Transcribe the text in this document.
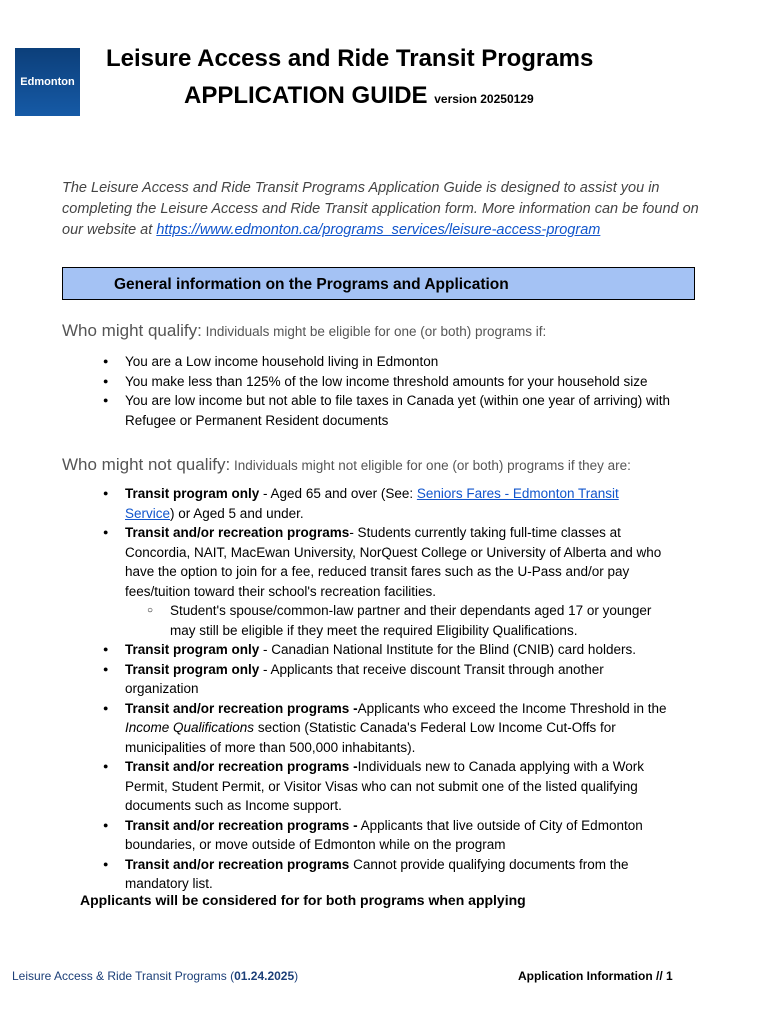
Edmonton
Leisure Access and Ride Transit Programs
APPLICATION GUIDE version 20250129
The Leisure Access and Ride Transit Programs Application Guide is designed to assist you in completing the Leisure Access and Ride Transit application form. More information can be found on our website at https://www.edmonton.ca/programs_services/leisure-access-program
General information on the Programs and Application
Who might qualify: Individuals might be eligible for one (or both) programs if:
● You are a Low income household living in Edmonton
● You make less than 125% of the low income threshold amounts for your household size
● You are low income but not able to file taxes in Canada yet (within one year of arriving) with Refugee or Permanent Resident documents
Who might not qualify: Individuals might not eligible for one (or both) programs if they are:
● Transit program only - Aged 65 and over (See: Seniors Fares - Edmonton Transit Service) or Aged 5 and under.
● Transit and/or recreation programs- Students currently taking full-time classes at Concordia, NAIT, MacEwan University, NorQuest College or University of Alberta and who have the option to join for a fee, reduced transit fares such as the U-Pass and/or pay fees/tuition toward their school's recreation facilities.
○ Student's spouse/common-law partner and their dependants aged 17 or younger may still be eligible if they meet the required Eligibility Qualifications.
● Transit program only - Canadian National Institute for the Blind (CNIB) card holders.
● Transit program only - Applicants that receive discount Transit through another organization
● Transit and/or recreation programs -Applicants who exceed the Income Threshold in the Income Qualifications section (Statistic Canada's Federal Low Income Cut-Offs for municipalities of more than 500,000 inhabitants).
● Transit and/or recreation programs -Individuals new to Canada applying with a Work Permit, Student Permit, or Visitor Visas who can not submit one of the listed qualifying documents such as Income support.
● Transit and/or recreation programs - Applicants that live outside of City of Edmonton boundaries, or move outside of Edmonton while on the program
● Transit and/or recreation programs Cannot provide qualifying documents from the mandatory list.
Applicants will be considered for for both programs when applying
Leisure Access & Ride Transit Programs (01.24.2025)	Application Information // 1
